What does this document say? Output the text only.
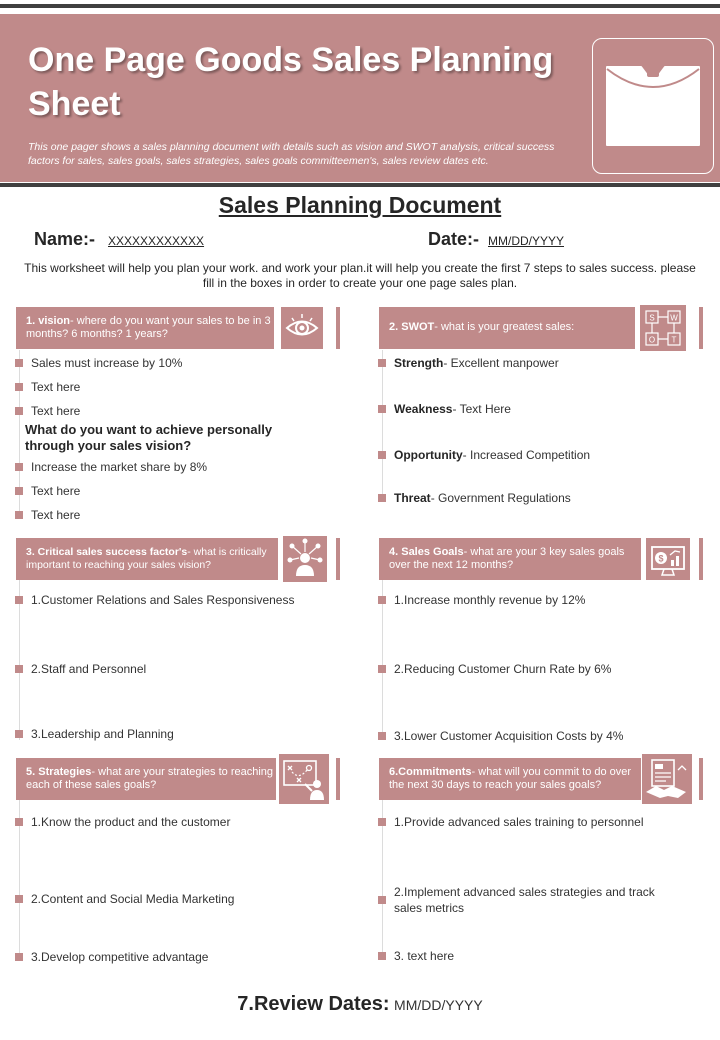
One Page Goods Sales Planning Sheet
This one pager shows a sales planning document with details such as vision and SWOT analysis, critical success factors for sales, sales goals, sales strategies, sales goals committeemen's, sales review dates etc.
Sales Planning Document
Name:- XXXXXXXXXXXX	Date:- MM/DD/YYYY
This worksheet will help you plan your work. and work your plan.it will help you create the first 7 steps to sales success. please fill in the boxes in order to create your one page sales plan.
1. vision- where do you want your sales to be in 3 months? 6 months? 1 years?
Sales must increase by 10%
Text here
Text here
What do you want to achieve personally through your sales vision?
Increase the market share by 8%
Text here
Text here
2. SWOT- what is your greatest sales:
S W
O T
Strength- Excellent manpower
Weakness- Text Here
Opportunity- Increased Competition
Threat- Government Regulations
3. Critical sales success factor's- what is critically important to reaching your sales vision?
1.Customer Relations and Sales Responsiveness
2.Staff and Personnel
3.Leadership and Planning
4. Sales Goals- what are your 3 key sales goals over the next 12 months?
$
1.Increase monthly revenue by 12%
2.Reducing Customer Churn Rate by 6%
3.Lower Customer Acquisition Costs by 4%
5. Strategies- what are your strategies to reaching each of these sales goals?
1.Know the product and the customer
2.Content and Social Media Marketing
3.Develop competitive advantage
6.Commitments- what will you commit to do over the next 30 days to reach your sales goals?
1.Provide advanced sales training to personnel
2.Implement advanced sales strategies and track sales metrics
3. text here
7.Review Dates: MM/DD/YYYY
